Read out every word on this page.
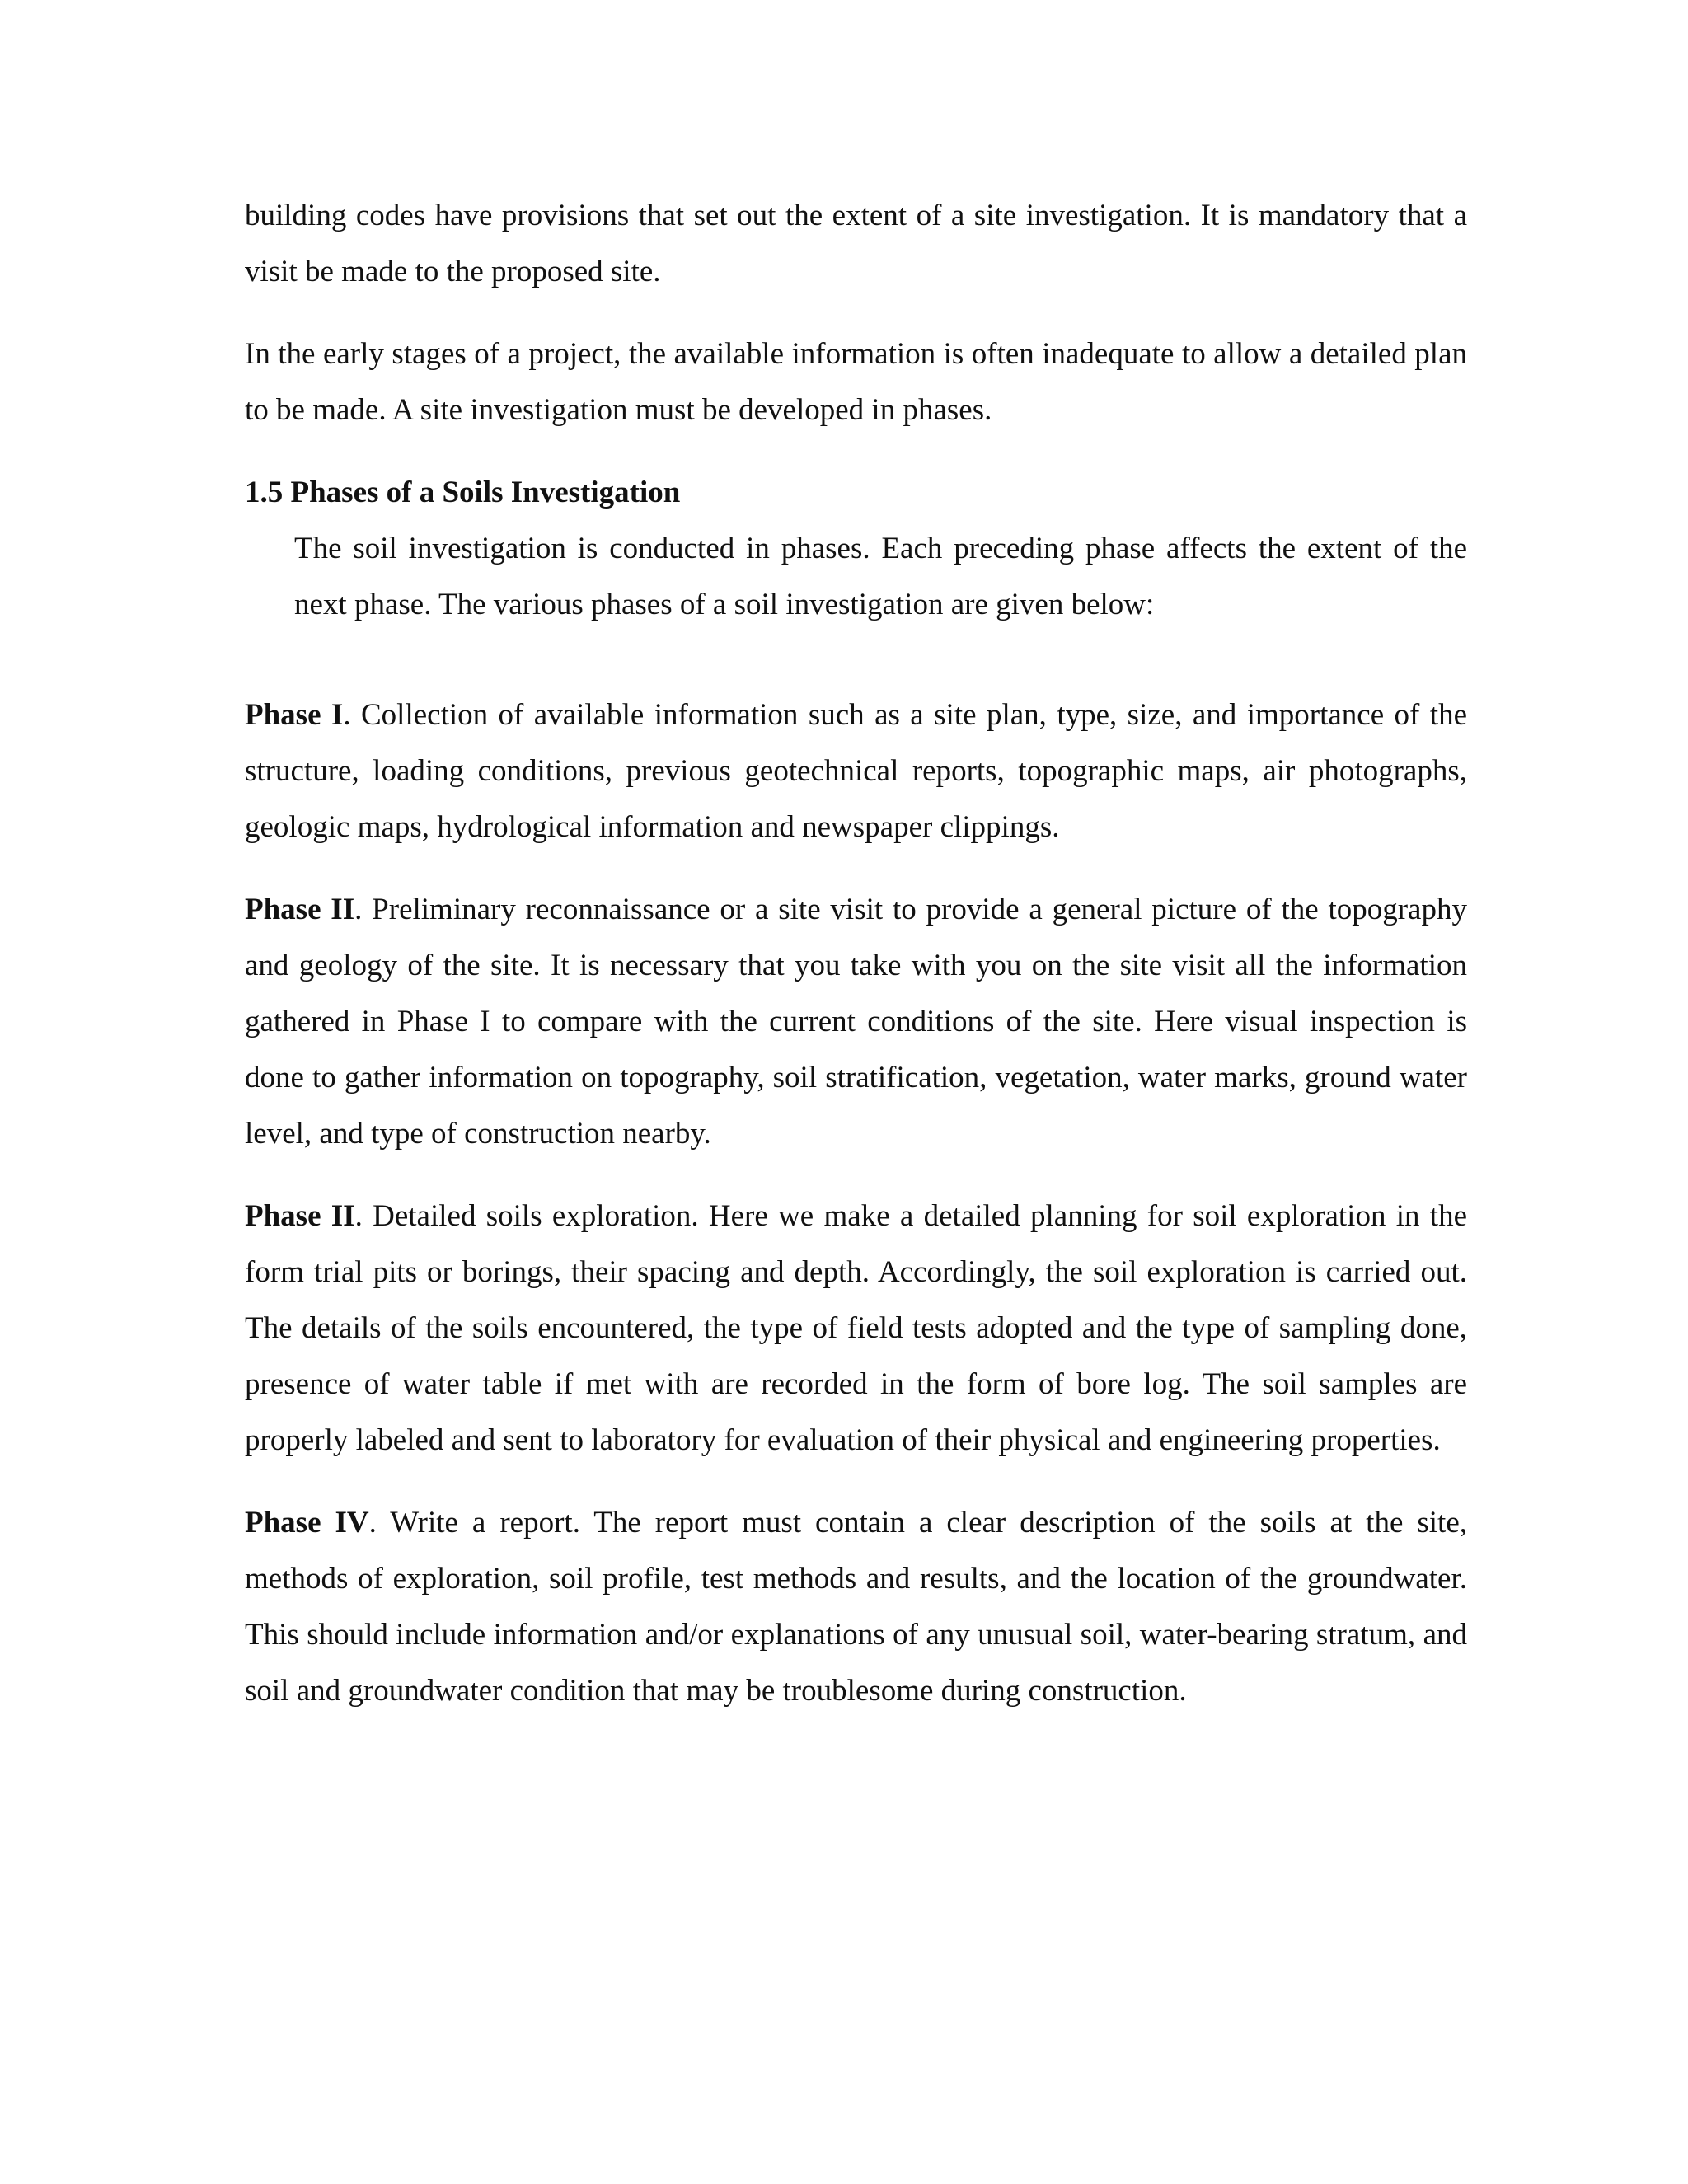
building codes have provisions that set out the extent of a site investigation. It is mandatory that a visit be made to the proposed site.

In the early stages of a project, the available information is often inadequate to allow a detailed plan to be made. A site investigation must be developed in phases.

1.5 Phases of a Soils Investigation

The soil investigation is conducted in phases. Each preceding phase affects the extent of the next phase. The various phases of a soil investigation are given below:

Phase I. Collection of available information such as a site plan, type, size, and importance of the structure, loading conditions, previous geotechnical reports, topographic maps, air photographs, geologic maps, hydrological information and newspaper clippings.

Phase II. Preliminary reconnaissance or a site visit to provide a general picture of the topography and geology of the site. It is necessary that you take with you on the site visit all the information gathered in Phase I to compare with the current conditions of the site. Here visual inspection is done to gather information on topography, soil stratification, vegetation, water marks, ground water level, and type of construction nearby.

Phase II. Detailed soils exploration. Here we make a detailed planning for soil exploration in the form trial pits or borings, their spacing and depth. Accordingly, the soil exploration is carried out. The details of the soils encountered, the type of field tests adopted and the type of sampling done, presence of water table if met with are recorded in the form of bore log. The soil samples are properly labeled and sent to laboratory for evaluation of their physical and engineering properties.

Phase IV. Write a report. The report must contain a clear description of the soils at the site, methods of exploration, soil profile, test methods and results, and the location of the groundwater. This should include information and/or explanations of any unusual soil, water-bearing stratum, and soil and groundwater condition that may be troublesome during construction.
